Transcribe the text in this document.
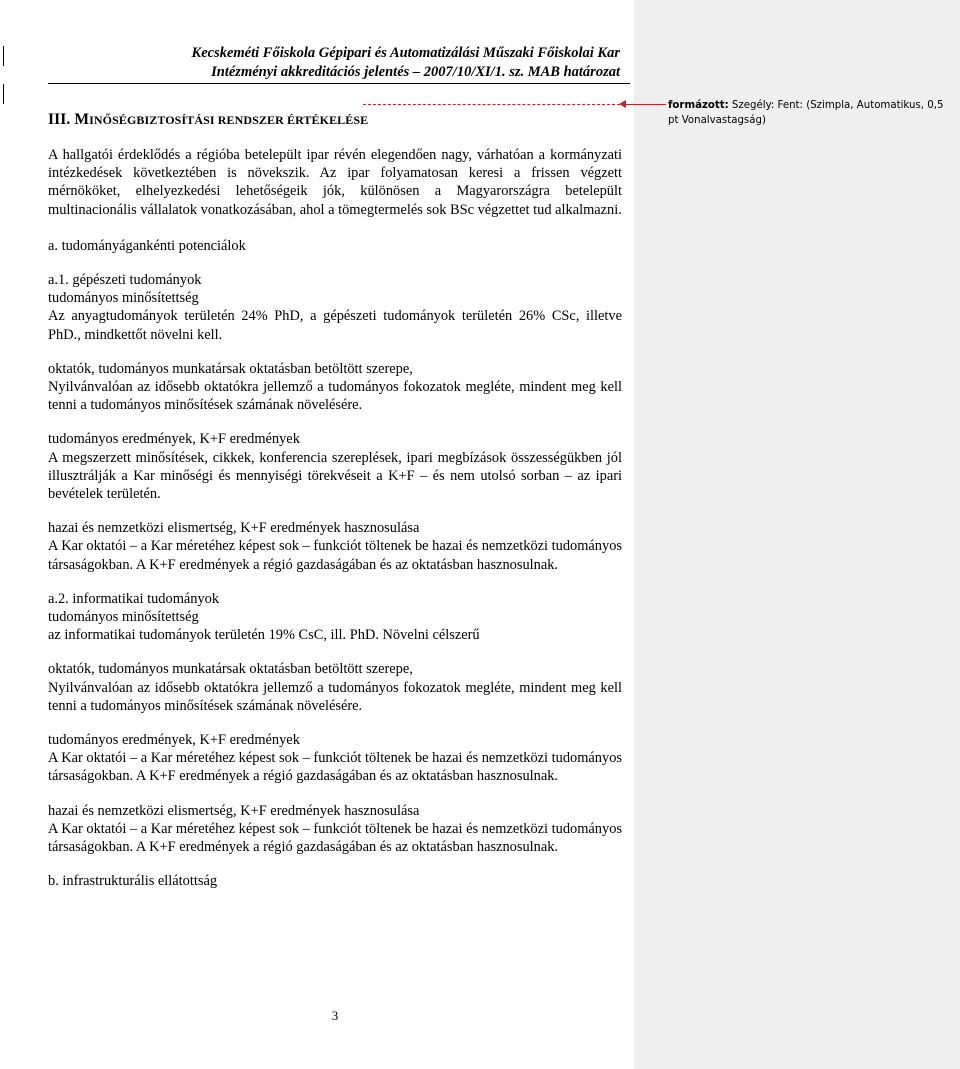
Kecskeméti Főiskola Gépipari és Automatizálási Műszaki Főiskolai Kar
Intézményi akkreditációs jelentés – 2007/10/XI/1. sz. MAB határozat
III. MINŐSÉGBIZTOSÍTÁSI RENDSZER ÉRTÉKELÉSE
formázott: Szegély: Fent: (Szimpla, Automatikus, 0,5 pt Vonalvastagság)

A hallgatói érdeklődés a régióba betelepült ipar révén elegendően nagy, várhatóan a kormányzati intézkedések következtében is növekszik. Az ipar folyamatosan keresi a frissen végzett mérnököket, elhelyezkedési lehetőségeik jók, különösen a Magyarországra betelepült multinacionális vállalatok vonatkozásában, ahol a tömegtermelés sok BSc végzettet tud alkalmazni.

a. tudományágankénti potenciálok

a.1. gépészeti tudományok

tudományos minősítettség

Az anyagtudományok területén 24% PhD, a gépészeti tudományok területén 26% CSc, illetve PhD., mindkettőt növelni kell.

oktatók, tudományos munkatársak oktatásban betöltött szerepe,

Nyilvánvalóan az idősebb oktatókra jellemző a tudományos fokozatok megléte, mindent meg kell tenni a tudományos minősítések számának növelésére.

tudományos eredmények, K+F eredmények

A megszerzett minősítések, cikkek, konferencia szereplések, ipari megbízások összességükben jól illusztrálják a Kar minőségi és mennyiségi törekvéseit a K+F – és nem utolsó sorban – az ipari bevételek területén.

hazai és nemzetközi elismertség, K+F eredmények hasznosulása

A Kar oktatói – a Kar méretéhez képest sok – funkciót töltenek be hazai és nemzetközi tudományos társaságokban. A K+F eredmények a régió gazdaságában és az oktatásban hasznosulnak.

a.2. informatikai tudományok

tudományos minősítettség

az informatikai tudományok területén 19% CsC, ill. PhD. Növelni célszerű

oktatók, tudományos munkatársak oktatásban betöltött szerepe,

Nyilvánvalóan az idősebb oktatókra jellemző a tudományos fokozatok megléte, mindent meg kell tenni a tudományos minősítések számának növelésére.

tudományos eredmények, K+F eredmények

A Kar oktatói – a Kar méretéhez képest sok – funkciót töltenek be hazai és nemzetközi tudományos társaságokban. A K+F eredmények a régió gazdaságában és az oktatásban hasznosulnak.

hazai és nemzetközi elismertség, K+F eredmények hasznosulása

A Kar oktatói – a Kar méretéhez képest sok – funkciót töltenek be hazai és nemzetközi tudományos társaságokban. A K+F eredmények a régió gazdaságában és az oktatásban hasznosulnak.

b. infrastrukturális ellátottság

3
